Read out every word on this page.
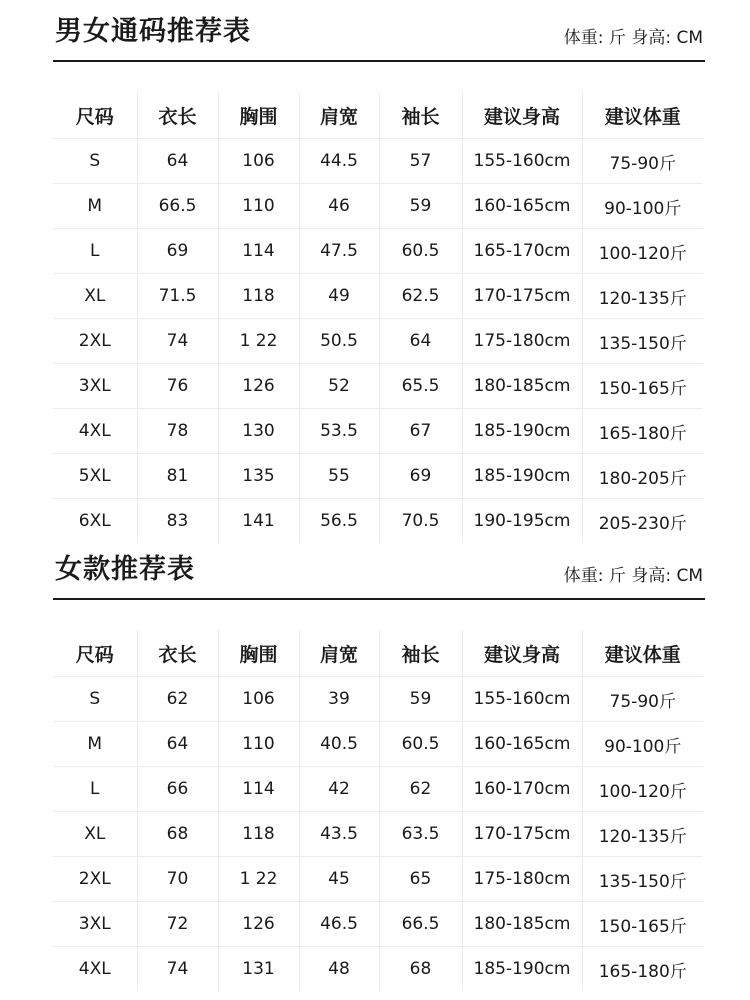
男女通码推荐表	体重: 斤 身高: CM
尺码	衣长	胸围	肩宽	袖长	建议身高	建议体重
S	64	106	44.5	57	155-160cm	75-90斤
M	66.5	110	46	59	160-165cm	90-100斤
L	69	114	47.5	60.5	165-170cm	100-120斤
XL	71.5	118	49	62.5	170-175cm	120-135斤
2XL	74	1 22	50.5	64	175-180cm	135-150斤
3XL	76	126	52	65.5	180-185cm	150-165斤
4XL	78	130	53.5	67	185-190cm	165-180斤
5XL	81	135	55	69	185-190cm	180-205斤
6XL	83	141	56.5	70.5	190-195cm	205-230斤
女款推荐表	体重: 斤 身高: CM
尺码	衣长	胸围	肩宽	袖长	建议身高	建议体重
S	62	106	39	59	155-160cm	75-90斤
M	64	110	40.5	60.5	160-165cm	90-100斤
L	66	114	42	62	160-170cm	100-120斤
XL	68	118	43.5	63.5	170-175cm	120-135斤
2XL	70	1 22	45	65	175-180cm	135-150斤
3XL	72	126	46.5	66.5	180-185cm	150-165斤
4XL	74	131	48	68	185-190cm	165-180斤
